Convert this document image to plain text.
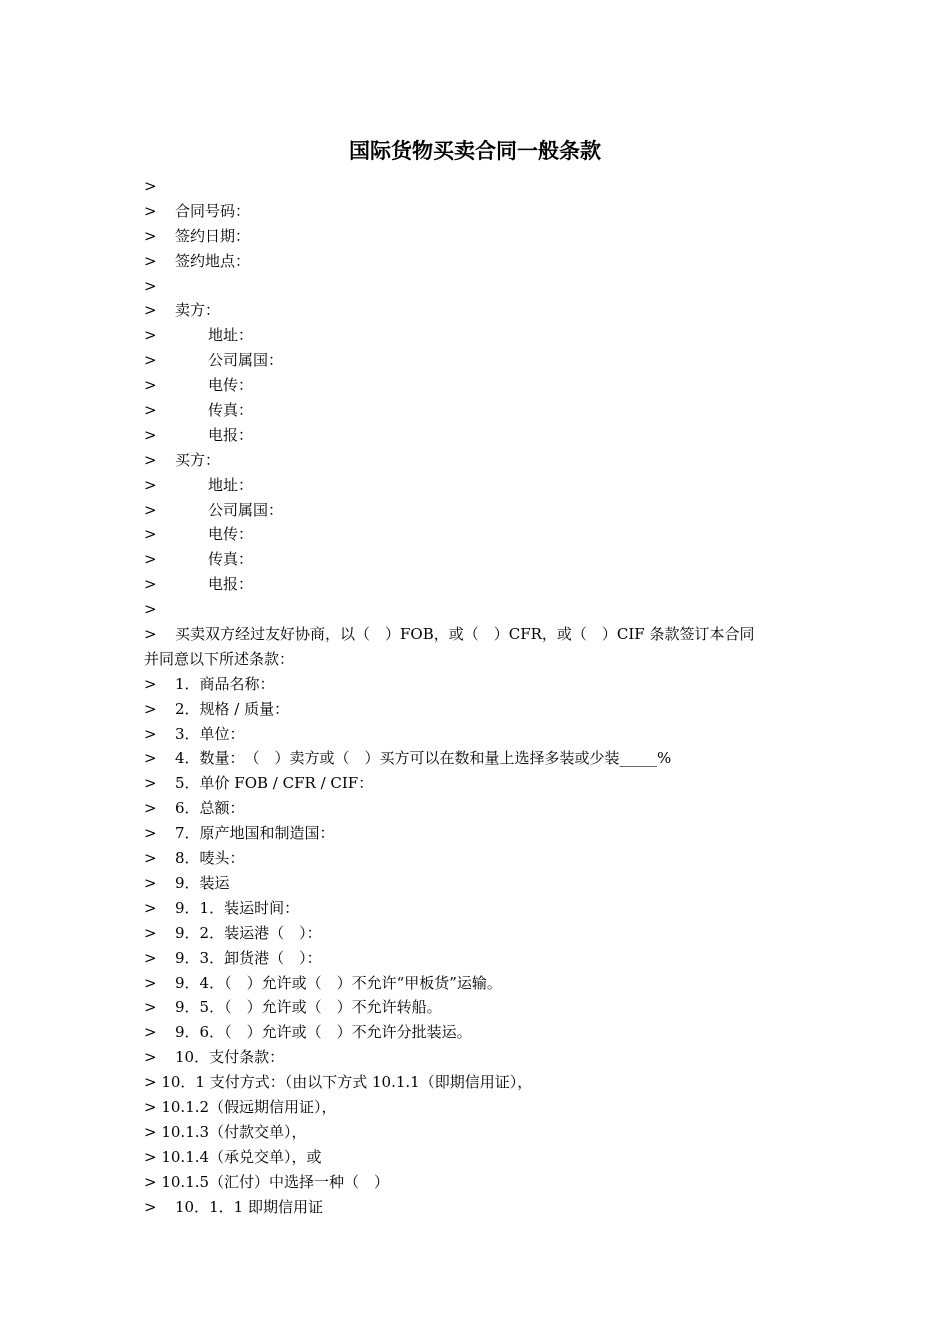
国际货物买卖合同一般条款
>
> 合同号码：
> 签约日期：
> 签约地点：
>
> 卖方：
>	地址：
>	公司属国：
>	电传：
>	传真：
>	电报：
> 买方：
>	地址：
>	公司属国：
>	电传：
>	传真：
>	电报：
>
> 买卖双方经过友好协商，以（　）FOB，或（　）CFR，或（　）CIF 条款签订本合同
并同意以下所述条款：
> 1．商品名称：
> 2．规格 / 质量：
> 3．单位：
> 4．数量：　（　）卖方或（　）买方可以在数和量上选择多装或少装_____%
> 5．单价 FOB / CFR / CIF：
> 6．总额：
> 7．原产地国和制造国：
> 8．唛头：
> 9．装运
> 9．1．装运时间：
> 9．2．装运港（　）：
> 9．3．卸货港（　）：
> 9．4．（　）允许或（　）不允许“甲板货”运输。
> 9．5．（　）允许或（　）不允许转船。
> 9．6．（　）允许或（　）不允许分批装运。
> 10．支付条款：
> 10．1 支付方式：（由以下方式 10.1.1（即期信用证），
> 10.1.2（假远期信用证），
> 10.1.3（付款交单），
> 10.1.4（承兑交单），或
> 10.1.5（汇付）中选择一种（　）
> 10．1．1 即期信用证
